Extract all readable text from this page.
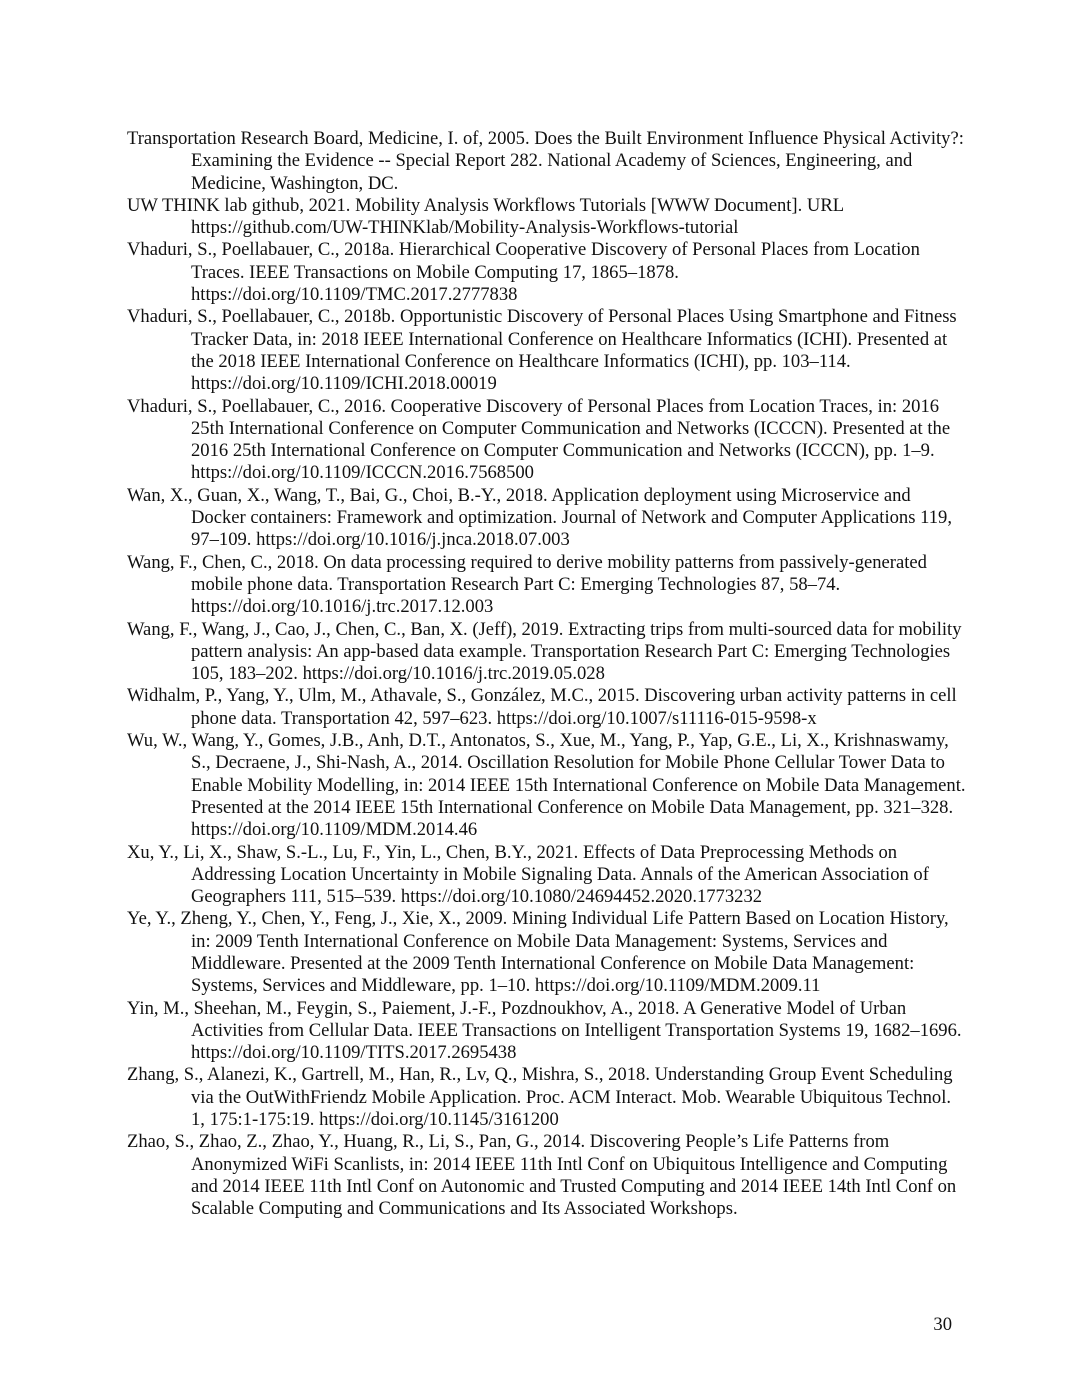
Transportation Research Board, Medicine, I. of, 2005. Does the Built Environment Influence Physical Activity?: Examining the Evidence -- Special Report 282. National Academy of Sciences, Engineering, and Medicine, Washington, DC.
UW THINK lab github, 2021. Mobility Analysis Workflows Tutorials [WWW Document]. URL https://github.com/UW-THINKlab/Mobility-Analysis-Workflows-tutorial
Vhaduri, S., Poellabauer, C., 2018a. Hierarchical Cooperative Discovery of Personal Places from Location Traces. IEEE Transactions on Mobile Computing 17, 1865–1878. https://doi.org/10.1109/TMC.2017.2777838
Vhaduri, S., Poellabauer, C., 2018b. Opportunistic Discovery of Personal Places Using Smartphone and Fitness Tracker Data, in: 2018 IEEE International Conference on Healthcare Informatics (ICHI). Presented at the 2018 IEEE International Conference on Healthcare Informatics (ICHI), pp. 103–114. https://doi.org/10.1109/ICHI.2018.00019
Vhaduri, S., Poellabauer, C., 2016. Cooperative Discovery of Personal Places from Location Traces, in: 2016 25th International Conference on Computer Communication and Networks (ICCCN). Presented at the 2016 25th International Conference on Computer Communication and Networks (ICCCN), pp. 1–9. https://doi.org/10.1109/ICCCN.2016.7568500
Wan, X., Guan, X., Wang, T., Bai, G., Choi, B.-Y., 2018. Application deployment using Microservice and Docker containers: Framework and optimization. Journal of Network and Computer Applications 119, 97–109. https://doi.org/10.1016/j.jnca.2018.07.003
Wang, F., Chen, C., 2018. On data processing required to derive mobility patterns from passively-generated mobile phone data. Transportation Research Part C: Emerging Technologies 87, 58–74. https://doi.org/10.1016/j.trc.2017.12.003
Wang, F., Wang, J., Cao, J., Chen, C., Ban, X. (Jeff), 2019. Extracting trips from multi-sourced data for mobility pattern analysis: An app-based data example. Transportation Research Part C: Emerging Technologies 105, 183–202. https://doi.org/10.1016/j.trc.2019.05.028
Widhalm, P., Yang, Y., Ulm, M., Athavale, S., González, M.C., 2015. Discovering urban activity patterns in cell phone data. Transportation 42, 597–623. https://doi.org/10.1007/s11116-015-9598-x
Wu, W., Wang, Y., Gomes, J.B., Anh, D.T., Antonatos, S., Xue, M., Yang, P., Yap, G.E., Li, X., Krishnaswamy, S., Decraene, J., Shi-Nash, A., 2014. Oscillation Resolution for Mobile Phone Cellular Tower Data to Enable Mobility Modelling, in: 2014 IEEE 15th International Conference on Mobile Data Management. Presented at the 2014 IEEE 15th International Conference on Mobile Data Management, pp. 321–328. https://doi.org/10.1109/MDM.2014.46
Xu, Y., Li, X., Shaw, S.-L., Lu, F., Yin, L., Chen, B.Y., 2021. Effects of Data Preprocessing Methods on Addressing Location Uncertainty in Mobile Signaling Data. Annals of the American Association of Geographers 111, 515–539. https://doi.org/10.1080/24694452.2020.1773232
Ye, Y., Zheng, Y., Chen, Y., Feng, J., Xie, X., 2009. Mining Individual Life Pattern Based on Location History, in: 2009 Tenth International Conference on Mobile Data Management: Systems, Services and Middleware. Presented at the 2009 Tenth International Conference on Mobile Data Management: Systems, Services and Middleware, pp. 1–10. https://doi.org/10.1109/MDM.2009.11
Yin, M., Sheehan, M., Feygin, S., Paiement, J.-F., Pozdnoukhov, A., 2018. A Generative Model of Urban Activities from Cellular Data. IEEE Transactions on Intelligent Transportation Systems 19, 1682–1696. https://doi.org/10.1109/TITS.2017.2695438
Zhang, S., Alanezi, K., Gartrell, M., Han, R., Lv, Q., Mishra, S., 2018. Understanding Group Event Scheduling via the OutWithFriendz Mobile Application. Proc. ACM Interact. Mob. Wearable Ubiquitous Technol. 1, 175:1-175:19. https://doi.org/10.1145/3161200
Zhao, S., Zhao, Z., Zhao, Y., Huang, R., Li, S., Pan, G., 2014. Discovering People’s Life Patterns from Anonymized WiFi Scanlists, in: 2014 IEEE 11th Intl Conf on Ubiquitous Intelligence and Computing and 2014 IEEE 11th Intl Conf on Autonomic and Trusted Computing and 2014 IEEE 14th Intl Conf on Scalable Computing and Communications and Its Associated Workshops.
30
